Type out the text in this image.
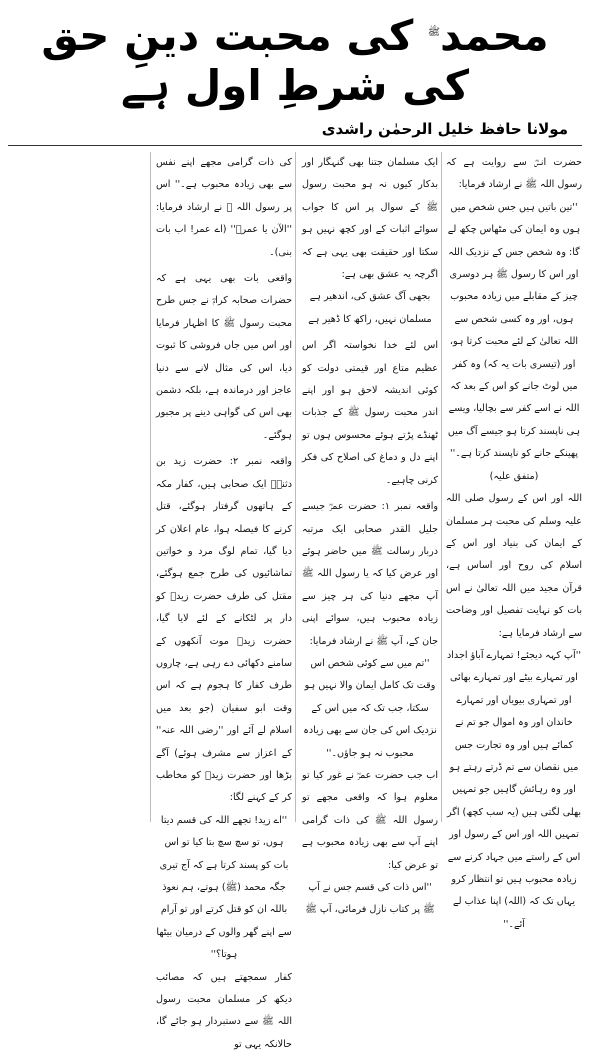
محمد$^ﷺ$ کی محبت دینِ حق کی شرطِ اول ہے
مولانا حافظ خلیل الرحمٰن راشدی

حضرت انسؓ سے روایت ہے کہ رسول اللہ ﷺ نے ارشاد فرمایا:

''تین باتیں ہیں جس شخص میں ہوں وہ ایمان کی مٹھاس چکھ لے گا: وہ شخص جس کے نزدیک اللہ اور اس کا رسول ﷺ ہر دوسری چیز کے مقابلے میں زیادہ محبوب ہوں، اور وہ کسی شخص سے اللہ تعالیٰ کے لئے محبت کرتا ہو، اور (تیسری بات یہ کہ) وہ کفر میں لوٹ جانے کو اس کے بعد کہ اللہ نے اسے کفر سے بچالیا، ویسے ہی ناپسند کرتا ہو جیسے آگ میں پھینکے جانے کو ناپسند کرتا ہے۔'' (متفق علیہ)

اللہ اور اس کے رسول صلی اللہ علیہ وسلم کی محبت ہر مسلمان کے ایمان کی بنیاد اور اس کے اسلام کی روح اور اساس ہے، قرآن مجید میں اللہ تعالیٰ نے اس بات کو نہایت تفصیل اور وضاحت سے ارشاد فرمایا ہے:

''آپ کہہ دیجئے! تمہارے آباؤ اجداد اور تمہارے بیٹے اور تمہارے بھائی اور تمہاری بیویاں اور تمہارے خاندان اور وہ اموال جو تم نے کمائے ہیں اور وہ تجارت جس میں نقصان سے تم ڈرتے رہتے ہو اور وہ رہائش گاہیں جو تمہیں بھلی لگتی ہیں (یہ سب کچھ) اگر تمہیں اللہ اور اس کے رسول اور اس کے راستے میں جہاد کرنے سے زیادہ محبوب ہیں تو انتظار کرو یہاں تک کہ (اللہ) اپنا عذاب لے آئے۔''

ایک مسلمان جتنا بھی گنہگار اور بدکار کیوں نہ ہو محبت رسول ﷺ کے سوال پر اس کا جواب سوائے اثبات کے اور کچھ نہیں ہو سکتا اور حقیقت بھی یہی ہے کہ اگرچہ یہ عشق بھی ہے:

بجھی آگ عشق کی، اندھیر ہے

مسلمان نہیں، راکھ کا ڈھیر ہے

اس لئے خدا نخواستہ اگر اس عظیم متاع اور قیمتی دولت کو کوئی اندیشہ لاحق ہو اور اپنے اندر محبت رسول ﷺ کے جذبات ٹھنڈے پڑتے ہوئے محسوس ہوں تو اپنے دل و دماغ کی اصلاح کی فکر کرنی چاہیے۔

واقعہ نمبر ۱: حضرت عمرؓ جیسے جلیل القدر صحابی ایک مرتبہ دربار رسالت ﷺ میں حاضر ہوئے اور عرض کیا کہ یا رسول اللہ ﷺ آپ مجھے دنیا کی ہر چیز سے زیادہ محبوب ہیں، سوائے اپنی جان کے، آپ ﷺ نے ارشاد فرمایا:

''تم میں سے کوئی شخص اس وقت تک کامل ایمان والا نہیں ہو سکتا، جب تک کہ میں اس کے نزدیک اس کی جان سے بھی زیادہ محبوب نہ ہو جاؤں۔''

اب جب حضرت عمرؓ نے غور کیا تو معلوم ہوا کہ واقعی مجھے تو رسول اللہ ﷺ کی ذات گرامی اپنے آپ سے بھی زیادہ محبوب ہے تو عرض کیا:

''اس ذات کی قسم جس نے آپ ﷺ پر کتاب نازل فرمائی، آپ ﷺ

کی ذات گرامی مجھے اپنے نفس سے بھی زیادہ محبوب ہے۔'' اس پر رسول اللہ ﷺ نے ارشاد فرمایا: ''الآن یا عمرؓ'' (اے عمر! اب بات بنی)۔

واقعی بات بھی یہی ہے کہ حضرات صحابہ کرامؓ نے جس طرح محبت رسول ﷺ کا اظہار فرمایا اور اس میں جاں فروشی کا ثبوت دیا، اس کی مثال لانے سے دنیا عاجز اور درماندہ ہے، بلکہ دشمن بھی اس کی گواہی دینے پر مجبور ہوگئے۔

واقعہ نمبر ۲: حضرت زید بن دثنہؓ ایک صحابی ہیں، کفار مکہ کے ہاتھوں گرفتار ہوگئے، قتل کرنے کا فیصلہ ہوا، عام اعلان کر دیا گیا، تمام لوگ مرد و خواتین تماشائیوں کی طرح جمع ہوگئے، مقتل کی طرف حضرت زیدؓ کو دار پر لٹکانے کے لئے لایا گیا، حضرت زیدؓ موت آنکھوں کے سامنے دکھائی دے رہی ہے، چاروں طرف کفار کا ہجوم ہے کہ اس وقت ابو سفیان (جو بعد میں اسلام لے آئے اور ''رضی اللہ عنہ'' کے اعزاز سے مشرف ہوئے) آگے بڑھا اور حضرت زیدؓ کو مخاطب کر کے کہنے لگا:

''اے زید! تجھے اللہ کی قسم دیتا ہوں، تو سچ سچ بتا کیا تو اس بات کو پسند کرتا ہے کہ آج تیری جگہ محمد (ﷺ) ہوتے، ہم نعوذ باللہ ان کو قتل کرتے اور تو آرام سے اپنے گھر والوں کے درمیان بیٹھا ہوتا؟''

کفار سمجھتے ہیں کہ مصائب دیکھ کر مسلمان محبت رسول اللہ ﷺ سے دستبردار ہو جائے گا، حالانکہ یہی تو
